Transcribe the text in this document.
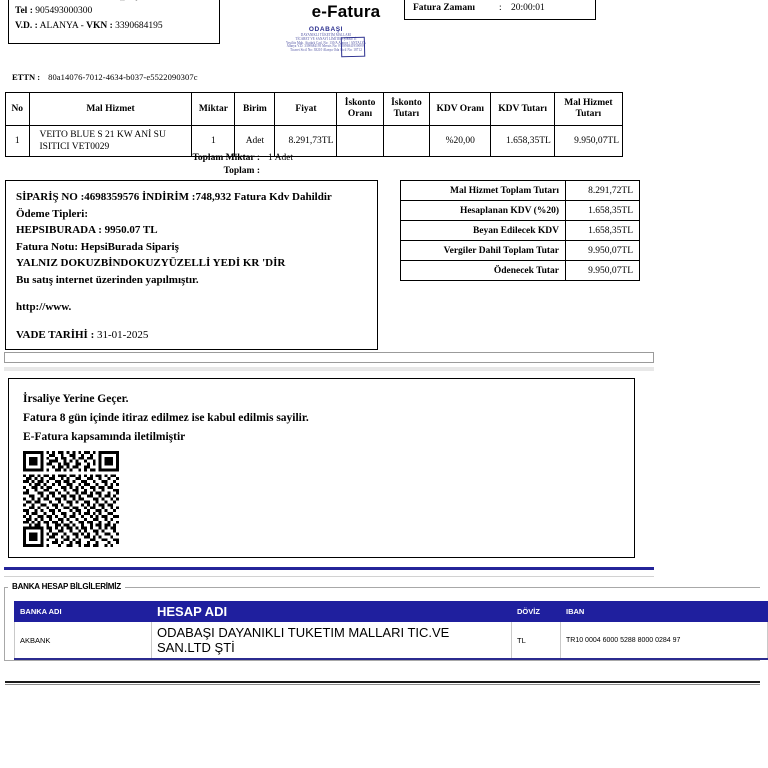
Tel : 905493000300
V.D. : ALANYA - VKN : 3390684195
e-Fatura
ODABAŞI
DAYANIKLI TÜKETİM MALLARI
TİCARET VE SANAYİ LİMİTED ŞİRKETİ
Yeşilöz Mah. Atatürk Cad. No: 130/A Alanya / ANTALYA
Alanya V.D. 3390684195 Mersis No: 0339068419500001
Ticaret Sicil No: 38210 Alanya Oda Sicil No: 18712
Fatura Zamanı	: 20:00:01
ETTN : 80a14076-7012-4634-b037-e5522090307c
No	Mal Hizmet	Miktar	Birim	Fiyat	İskonto Oranı	İskonto Tutarı	KDV Oranı	KDV Tutarı	Mal Hizmet Tutarı
1	VEITO BLUE S 21 KW ANİ SU ISITICI VET0029	1	Adet	8.291,73TL			%20,00	1.658,35TL	9.950,07TL
Toplam Miktar : 1 Adet
Toplam :
SİPARİŞ NO :4698359576 İNDİRİM :748,932 Fatura Kdv Dahildir
Ödeme Tipleri:
HEPSIBURADA : 9950.07 TL
Fatura Notu: HepsiBurada Sipariş
YALNIZ DOKUZBİNDOKUZYÜZELLİ YEDİ KR 'DİR
Bu satış internet üzerinden yapılmıştır.
http://www.
VADE TARİHİ : 31-01-2025
Mal Hizmet Toplam Tutarı	8.291,72TL
Hesaplanan KDV (%20)	1.658,35TL
Beyan Edilecek KDV	1.658,35TL
Vergiler Dahil Toplam Tutar	9.950,07TL
Ödenecek Tutar	9.950,07TL
İrsaliye Yerine Geçer.
Fatura 8 gün içinde itiraz edilmez ise kabul edilmis sayilir.
E-Fatura kapsamında iletilmiştir
BANKA HESAP BİLGİLERİMİZ
BANKA ADI	HESAP ADI	DÖVİZ	IBAN
AKBANK	ODABAŞI DAYANIKLI TUKETIM MALLARI TIC.VE SAN.LTD ŞTİ	TL	TR10 0004 6000 5288 8000 0284 97
